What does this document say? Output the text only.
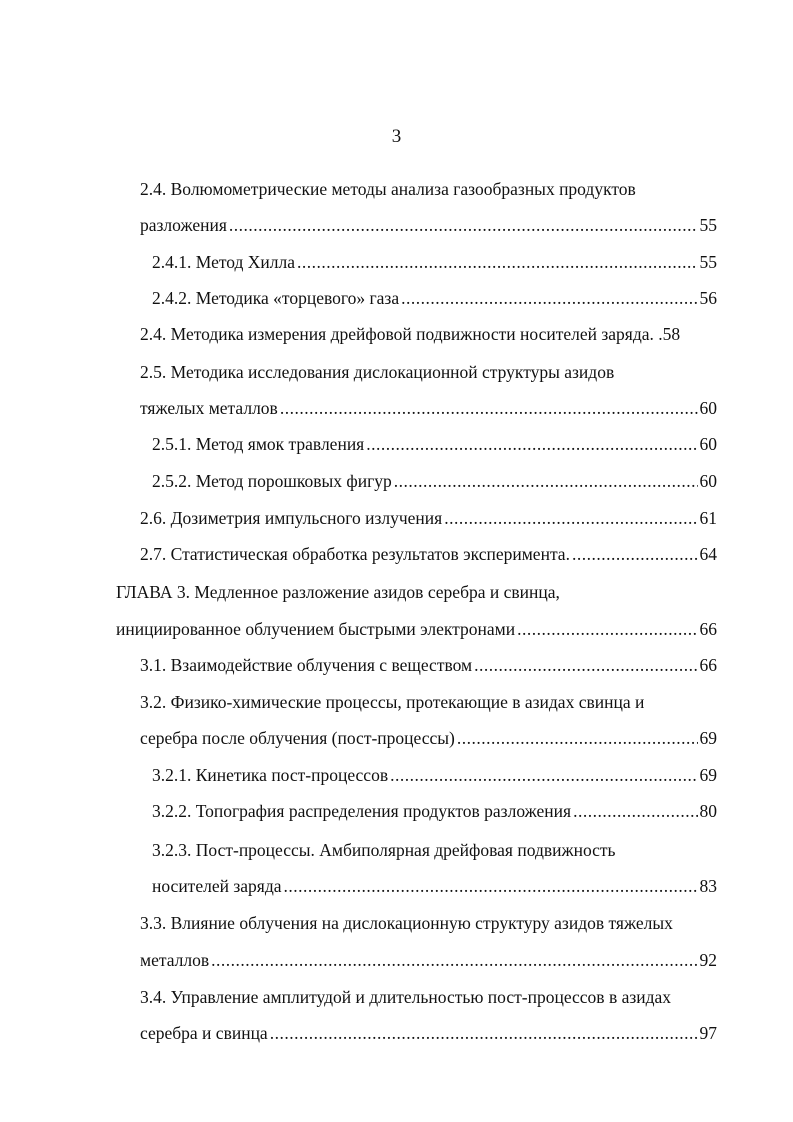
3
2.4. Волюмометрические методы анализа газообразных продуктов
разложения .....	55
2.4.1. Метод Хилла .....	55
2.4.2. Методика «торцевого» газа .....	56
2.4. Методика измерения дрейфовой подвижности носителей заряда. . 58
2.5. Методика исследования дислокационной структуры азидов
тяжелых металлов .....	60
2.5.1. Метод ямок травления .....	60
2.5.2. Метод порошковых фигур .....	60
2.6. Дозиметрия импульсного излучения .....	61
2.7. Статистическая обработка результатов эксперимента. .....	64
ГЛАВА 3. Медленное разложение азидов серебра и свинца,
инициированное облучением быстрыми электронами .....	66
3.1. Взаимодействие облучения с веществом .....	66
3.2. Физико-химические процессы, протекающие в азидах свинца и
серебра после облучения (пост-процессы) .....	69
3.2.1. Кинетика пост-процессов .....	69
3.2.2. Топография распределения продуктов разложения .....	80
3.2.3. Пост-процессы. Амбиполярная дрейфовая подвижность
носителей заряда .....	83
3.3. Влияние облучения на дислокационную структуру азидов тяжелых
металлов .....	92
3.4. Управление амплитудой и длительностью пост-процессов в азидах
серебра и свинца .....	97
